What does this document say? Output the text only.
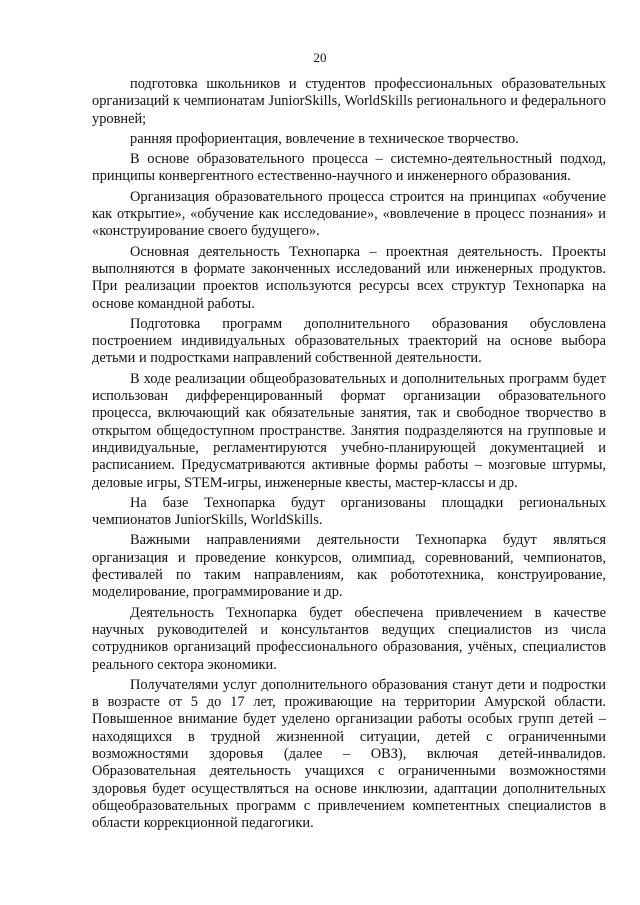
20

подготовка школьников и студентов профессиональных образовательных организаций к чемпионатам JuniorSkills, WorldSkills регионального и федерального уровней;

ранняя профориентация, вовлечение в техническое творчество.

В основе образовательного процесса – системно-деятельностный подход, принципы конвергентного естественно-научного и инженерного образования.

Организация образовательного процесса строится на принципах «обучение как открытие», «обучение как исследование», «вовлечение в процесс познания» и «конструирование своего будущего».

Основная деятельность Технопарка – проектная деятельность. Проекты выполняются в формате законченных исследований или инженерных продуктов. При реализации проектов используются ресурсы всех структур Технопарка на основе командной работы.

Подготовка программ дополнительного образования обусловлена построением индивидуальных образовательных траекторий на основе выбора детьми и подростками направлений собственной деятельности.

В ходе реализации общеобразовательных и дополнительных программ будет использован дифференцированный формат организации образовательного процесса, включающий как обязательные занятия, так и свободное творчество в открытом общедоступном пространстве. Занятия подразделяются на групповые и индивидуальные, регламентируются учебно-планирующей документацией и расписанием. Предусматриваются активные формы работы – мозговые штурмы, деловые игры, STEM-игры, инженерные квесты, мастер-классы и др.

На базе Технопарка будут организованы площадки региональных чемпионатов JuniorSkills, WorldSkills.

Важными направлениями деятельности Технопарка будут являться организация и проведение конкурсов, олимпиад, соревнований, чемпионатов, фестивалей по таким направлениям, как робототехника, конструирование, моделирование, программирование и др.

Деятельность Технопарка будет обеспечена привлечением в качестве научных руководителей и консультантов ведущих специалистов из числа сотрудников организаций профессионального образования, учёных, специалистов реального сектора экономики.

Получателями услуг дополнительного образования станут дети и подростки в возрасте от 5 до 17 лет, проживающие на территории Амурской области. Повышенное внимание будет уделено организации работы особых групп детей – находящихся в трудной жизненной ситуации, детей с ограниченными возможностями здоровья (далее – ОВЗ), включая детей-инвалидов. Образовательная деятельность учащихся с ограниченными возможностями здоровья будет осуществляться на основе инклюзии, адаптации дополнительных общеобразовательных программ с привлечением компетентных специалистов в области коррекционной педагогики.
